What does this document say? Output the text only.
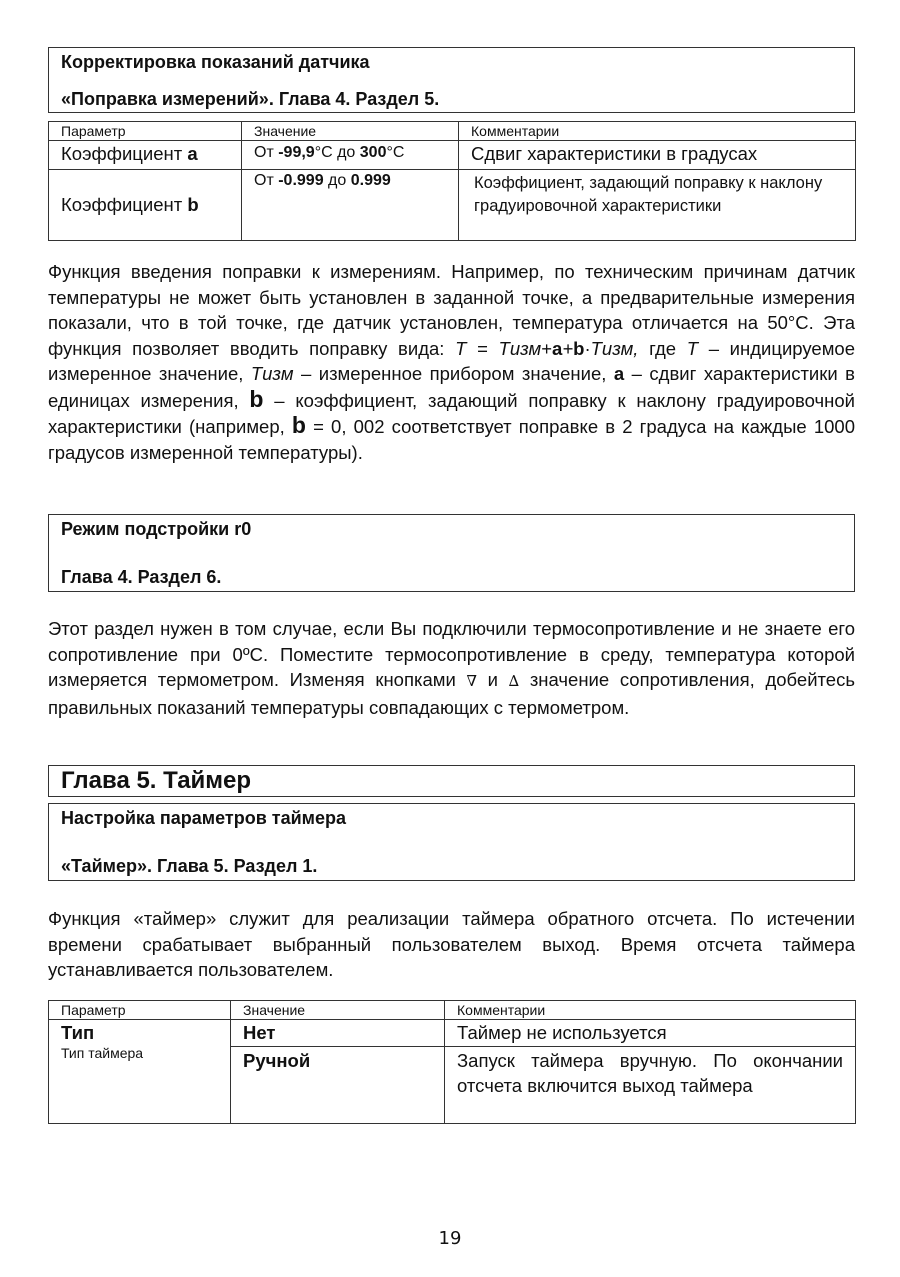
Корректировка показаний датчика
«Поправка измерений». Глава 4. Раздел 5.
Параметр	Значение	Комментарии
Коэффициент a	От -99,9°C до 300°C	Сдвиг характеристики в градусах
Коэффициент b	От -0.999 до 0.999	Коэффициент, задающий поправку к наклону градуировочной характеристики

Функция введения поправки к измерениям. Например, по техническим причинам датчик температуры не может быть установлен в заданной точке, а предварительные измерения показали, что в той точке, где датчик установлен, температура отличается на 50°C. Эта функция позволяет вводить поправку вида: T = Tизм+a+b·Tизм, где T – индицируемое измеренное значение, Tизм – измеренное прибором значение, a – сдвиг характеристики в единицах измерения, b – коэффициент, задающий поправку к наклону градуировочной характеристики (например, b = 0, 002 соответствует поправке в 2 градуса на каждые 1000 градусов измеренной температуры).

Режим подстройки r0
Глава 4. Раздел 6.

Этот раздел нужен в том случае, если Вы подключили термосопротивление и не знаете его сопротивление при 0ºC. Поместите термосопротивление в среду, температура которой измеряется термометром. Изменяя кнопками ∇ и ∆ значение сопротивления, добейтесь правильных показаний температуры совпадающих с термометром.

Глава 5. Таймер
Настройка параметров таймера
«Таймер». Глава 5. Раздел 1.

Функция «таймер» служит для реализации таймера обратного отсчета. По истечении времени срабатывает выбранный пользователем выход. Время отсчета таймера устанавливается пользователем.

Параметр	Значение	Комментарии

Тип
Тип таймера	Нет	Таймер не используется
	Ручной	Запуск таймера вручную. По окончании отсчета включится выход таймера
19
